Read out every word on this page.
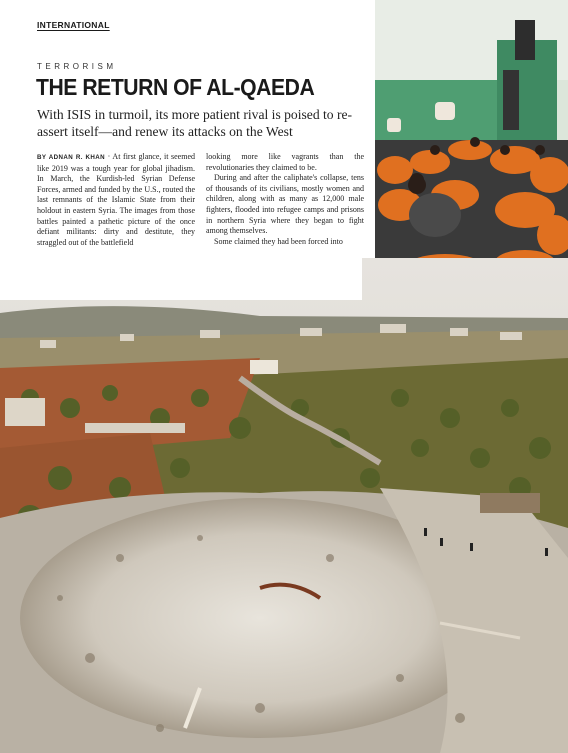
INTERNATIONAL
TERRORISM
THE RETURN OF AL-QAEDA
With ISIS in turmoil, its more patient rival is poised to re-assert itself—and renew its attacks on the West

BY ADNAN R. KHAN · At first glance, it seemed like 2019 was a tough year for global jihadism. In March, the Kurdish-led Syrian Defense Forces, armed and funded by the U.S., routed the last remnants of the Islamic State from their holdout in eastern Syria. The images from those battles painted a pathetic picture of the once defiant militants: dirty and destitute, they straggled out of the battlefield

looking more like vagrants than the revolutionaries they claimed to be.

During and after the caliphate's collapse, tens of thousands of its civilians, mostly women and children, along with as many as 12,000 male fighters, flooded into refugee camps and prisons in northern Syria where they began to fight among themselves.

Some claimed they had been forced into
